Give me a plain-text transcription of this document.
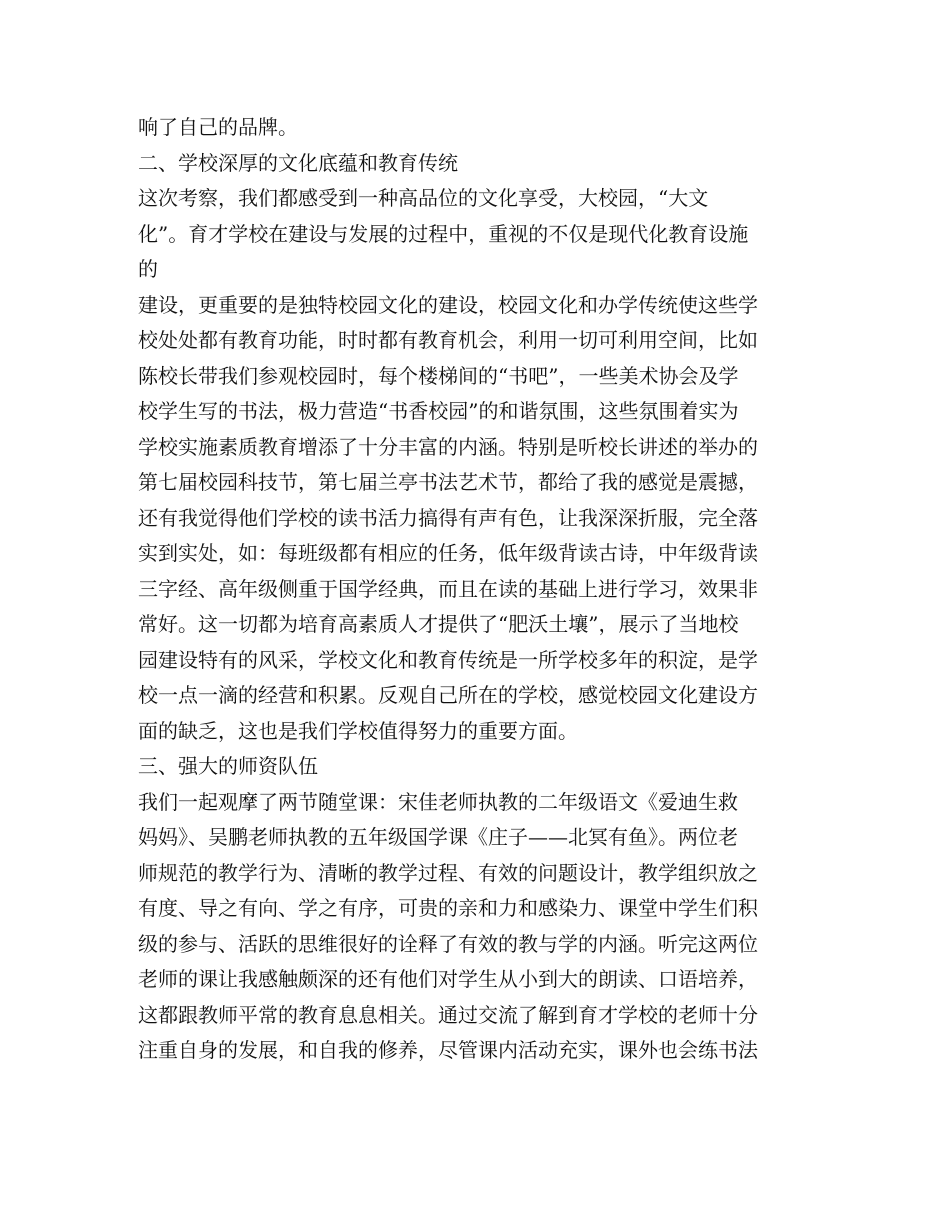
响了自己的品牌。
二、学校深厚的文化底蕴和教育传统
这次考察，我们都感受到一种高品位的文化享受，大校园，“大文
化”。育才学校在建设与发展的过程中，重视的不仅是现代化教育设施
的
建设，更重要的是独特校园文化的建设，校园文化和办学传统使这些学
校处处都有教育功能，时时都有教育机会，利用一切可利用空间，比如
陈校长带我们参观校园时，每个楼梯间的“书吧”，一些美术协会及学
校学生写的书法，极力营造“书香校园”的和谐氛围，这些氛围着实为
学校实施素质教育增添了十分丰富的内涵。特别是听校长讲述的举办的
第七届校园科技节，第七届兰亭书法艺术节，都给了我的感觉是震撼，
还有我觉得他们学校的读书活力搞得有声有色，让我深深折服，完全落
实到实处，如：每班级都有相应的任务，低年级背读古诗，中年级背读
三字经、高年级侧重于国学经典，而且在读的基础上进行学习，效果非
常好。这一切都为培育高素质人才提供了“肥沃土壤”，展示了当地校
园建设特有的风采，学校文化和教育传统是一所学校多年的积淀，是学
校一点一滴的经营和积累。反观自己所在的学校，感觉校园文化建设方
面的缺乏，这也是我们学校值得努力的重要方面。
三、强大的师资队伍
我们一起观摩了两节随堂课：宋佳老师执教的二年级语文《爱迪生救
妈妈》、吴鹏老师执教的五年级国学课《庄子——北冥有鱼》。两位老
师规范的教学行为、清晰的教学过程、有效的问题设计，教学组织放之
有度、导之有向、学之有序，可贵的亲和力和感染力、课堂中学生们积
级的参与、活跃的思维很好的诠释了有效的教与学的内涵。听完这两位
老师的课让我感触颇深的还有他们对学生从小到大的朗读、口语培养，
这都跟教师平常的教育息息相关。通过交流了解到育才学校的老师十分
注重自身的发展，和自我的修养，尽管课内活动充实，课外也会练书法
